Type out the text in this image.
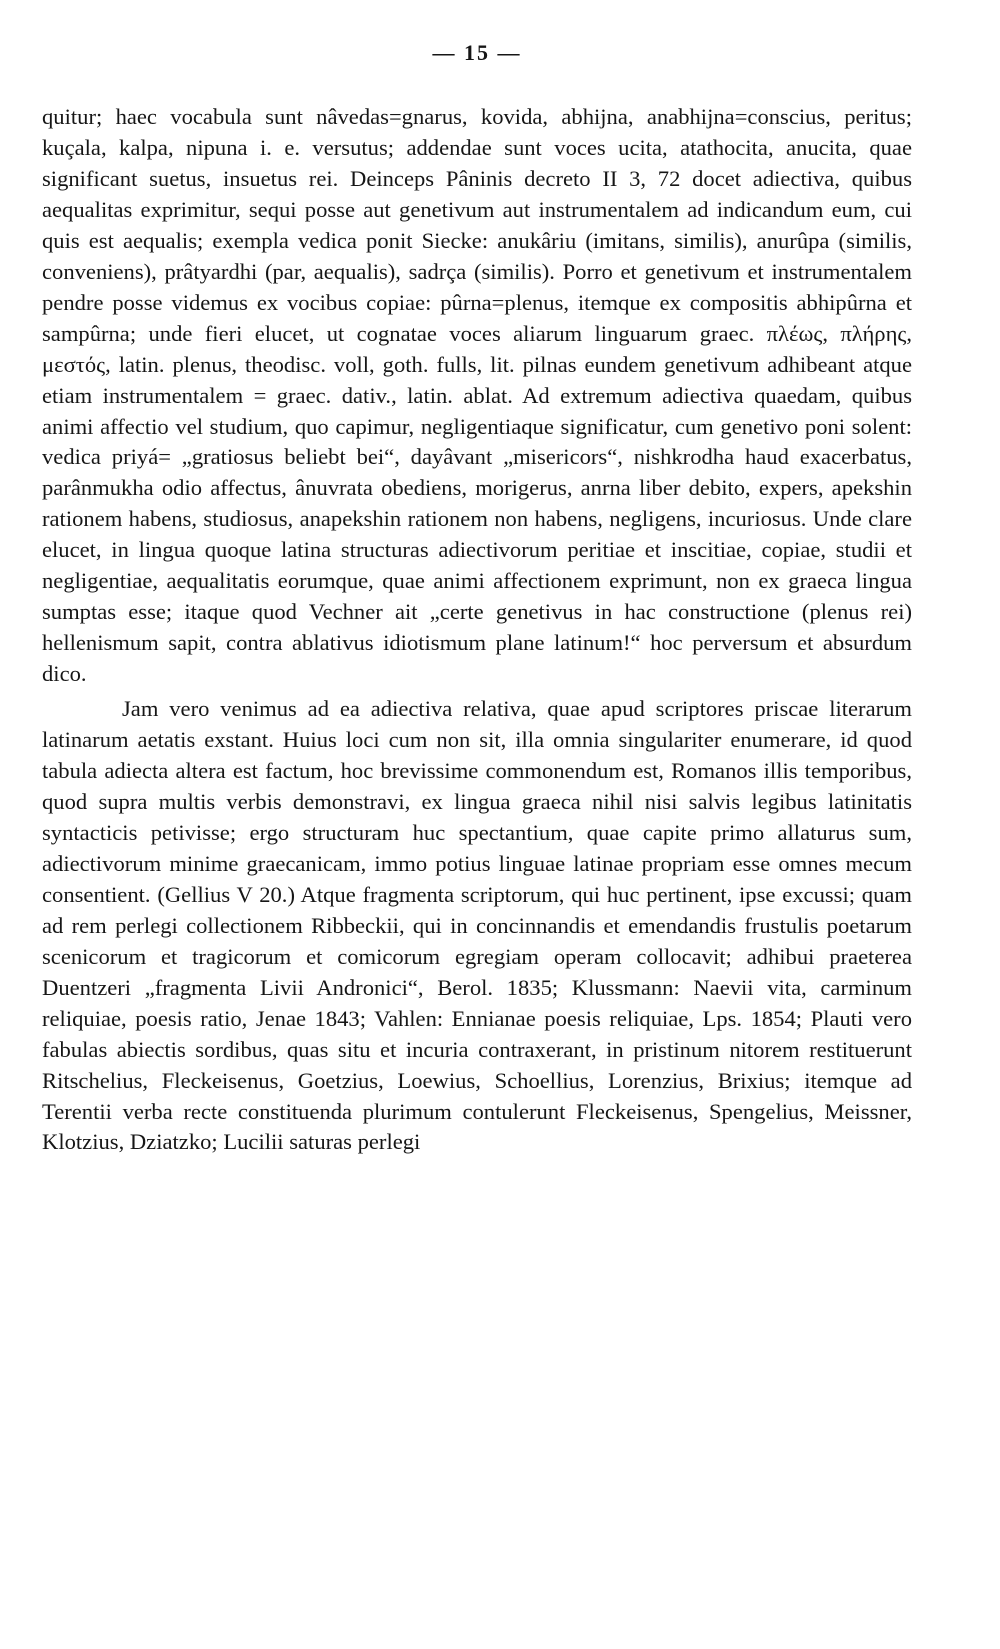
— 15 —

quitur; haec vocabula sunt nâvedas=gnarus, kovida, abhijna, anabhijna=conscius, peritus; kuçala, kalpa, nipuna i. e. versutus; addendae sunt voces ucita, atathocita, anucita, quae significant suetus, insuetus rei. Deinceps Pâninis decreto II 3, 72 docet adiectiva, quibus aequalitas exprimitur, sequi posse aut genetivum aut instrumentalem ad indicandum eum, cui quis est aequalis; exempla vedica ponit Siecke: anukâriu (imitans, similis), anurûpa (similis, conveniens), prâtyardhi (par, aequalis), sadrça (similis). Porro et genetivum et instrumentalem pendre posse videmus ex vocibus copiae: pûrna=plenus, itemque ex compositis abhipûrna et sampûrna; unde fieri elucet, ut cognatae voces aliarum linguarum graec. πλέως, πλήρης, μεστός, latin. plenus, theodisc. voll, goth. fulls, lit. pilnas eundem genetivum adhibeant atque etiam instrumentalem = graec. dativ., latin. ablat. Ad extremum adiectiva quaedam, quibus animi affectio vel studium, quo capimur, negligentiaque significatur, cum genetivo poni solent: vedica priyá= „gratiosus beliebt bei“, dayâvant „misericors“, nishkrodha haud exacerbatus, parânmukha odio affectus, ânuvrata obediens, morigerus, anrna liber debito, expers, apekshin rationem habens, studiosus, anapekshin rationem non habens, negligens, incuriosus. Unde clare elucet, in lingua quoque latina structuras adiectivorum peritiae et inscitiae, copiae, studii et negligentiae, aequalitatis eorumque, quae animi affectionem exprimunt, non ex graeca lingua sumptas esse; itaque quod Vechner ait „certe genetivus in hac constructione (plenus rei) hellenismum sapit, contra ablativus idiotismum plane latinum!“ hoc perversum et absurdum dico.

Jam vero venimus ad ea adiectiva relativa, quae apud scriptores priscae literarum latinarum aetatis exstant. Huius loci cum non sit, illa omnia singulariter enumerare, id quod tabula adiecta altera est factum, hoc brevissime commonendum est, Romanos illis temporibus, quod supra multis verbis demonstravi, ex lingua graeca nihil nisi salvis legibus latinitatis syntacticis petivisse; ergo structuram huc spectantium, quae capite primo allaturus sum, adiectivorum minime graecanicam, immo potius linguae latinae propriam esse omnes mecum consentient. (Gellius V 20.) Atque fragmenta scriptorum, qui huc pertinent, ipse excussi; quam ad rem perlegi collectionem Ribbeckii, qui in concinnandis et emendandis frustulis poetarum scenicorum et tragicorum et comicorum egregiam operam collocavit; adhibui praeterea Duentzeri „fragmenta Livii Andronici“, Berol. 1835; Klussmann: Naevii vita, carminum reliquiae, poesis ratio, Jenae 1843; Vahlen: Ennianae poesis reliquiae, Lps. 1854; Plauti vero fabulas abiectis sordibus, quas situ et incuria contraxerant, in pristinum nitorem restituerunt Ritschelius, Fleckeisenus, Goetzius, Loewius, Schoellius, Lorenzius, Brixius; itemque ad Terentii verba recte constituenda plurimum contulerunt Fleckeisenus, Spengelius, Meissner, Klotzius, Dziatzko; Lucilii saturas perlegi
